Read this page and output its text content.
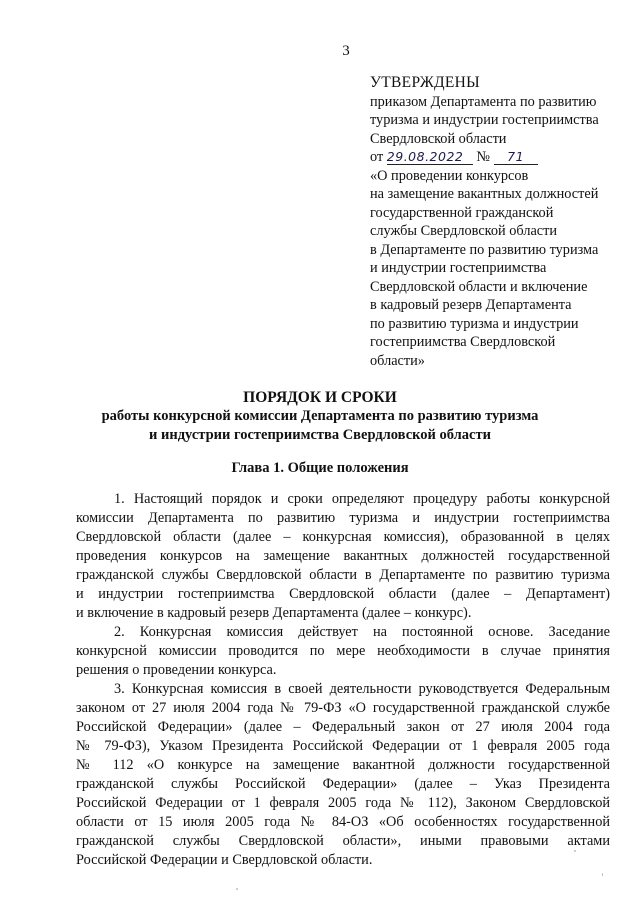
3
УТВЕРЖДЕНЫ
приказом Департамента по развитию
туризма и индустрии гостеприимства
Свердловской области
от 29.08.2022 № 71
«О проведении конкурсов
на замещение вакантных должностей
государственной гражданской
службы Свердловской области
в Департаменте по развитию туризма
и индустрии гостеприимства
Свердловской области и включение
в кадровый резерв Департамента
по развитию туризма и индустрии
гостеприимства Свердловской
области»
ПОРЯДОК И СРОКИ
работы конкурсной комиссии Департамента по развитию туризма
и индустрии гостеприимства Свердловской области
Глава 1. Общие положения
1. Настоящий порядок и сроки определяют процедуру работы конкурсной
комиссии Департамента по развитию туризма и индустрии гостеприимства
Свердловской области (далее – конкурсная комиссия), образованной в целях
проведения конкурсов на замещение вакантных должностей государственной
гражданской службы Свердловской области в Департаменте по развитию туризма
и индустрии гостеприимства Свердловской области (далее – Департамент)
и включение в кадровый резерв Департамента (далее – конкурс).
2. Конкурсная комиссия действует на постоянной основе. Заседание
конкурсной комиссии проводится по мере необходимости в случае принятия
решения о проведении конкурса.
3. Конкурсная комиссия в своей деятельности руководствуется Федеральным
законом от 27 июля 2004 года № 79-ФЗ «О государственной гражданской службе
Российской Федерации» (далее – Федеральный закон от 27 июля 2004 года
№ 79-ФЗ), Указом Президента Российской Федерации от 1 февраля 2005 года
№ 112 «О конкурсе на замещение вакантной должности государственной
гражданской службы Российской Федерации» (далее – Указ Президента
Российской Федерации от 1 февраля 2005 года № 112), Законом Свердловской
области от 15 июля 2005 года № 84-ОЗ «Об особенностях государственной
гражданской службы Свердловской области», иными правовыми актами
Российской Федерации и Свердловской области.
